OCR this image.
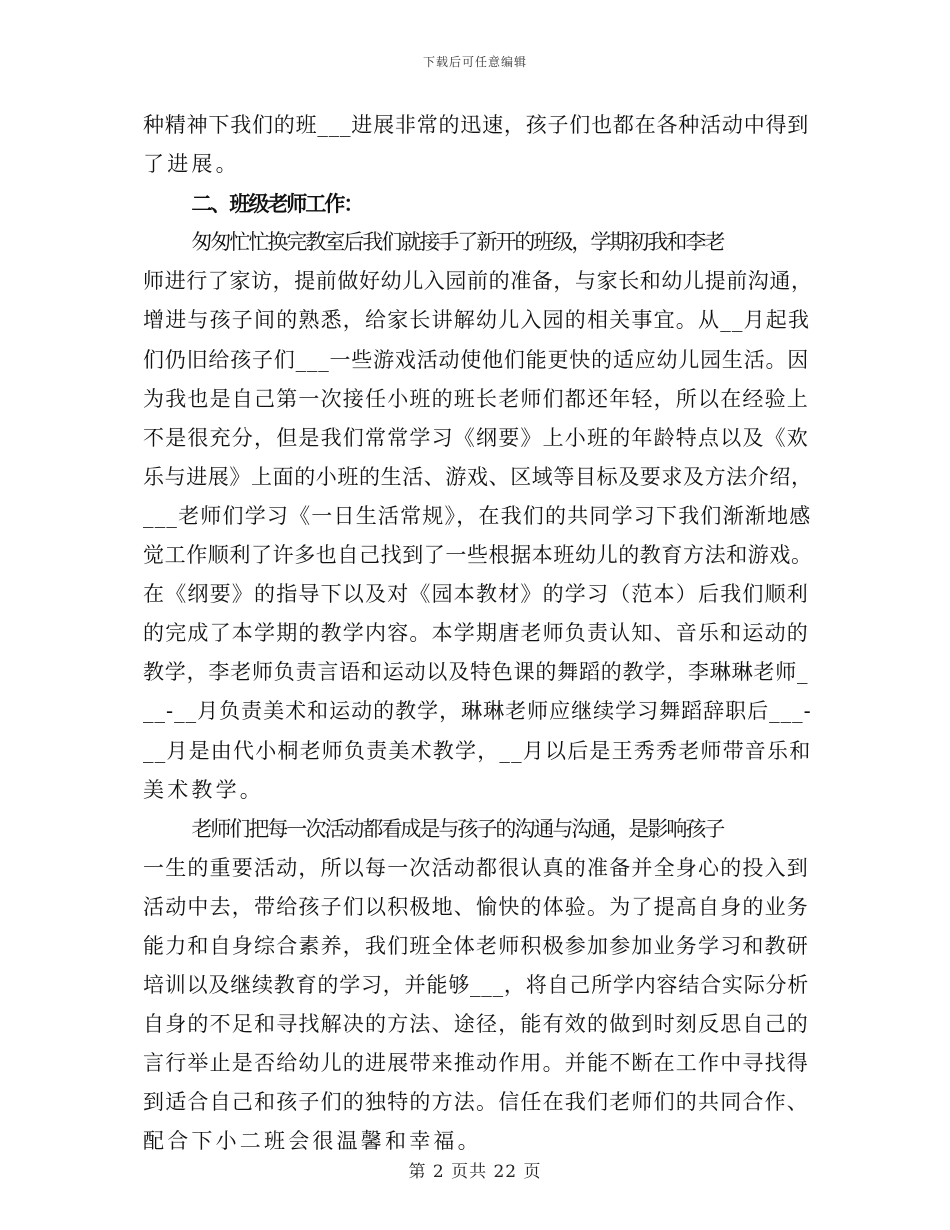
下载后可任意编辑
种精神下我们的班___进展非常的迅速，孩子们也都在各种活动中得到
了进展。
二、班级老师工作：
匆匆忙忙换完教室后我们就接手了新开的班级，学期初我和李老
师进行了家访，提前做好幼儿入园前的准备，与家长和幼儿提前沟通，
增进与孩子间的熟悉，给家长讲解幼儿入园的相关事宜。从__月起我
们仍旧给孩子们___一些游戏活动使他们能更快的适应幼儿园生活。因
为我也是自己第一次接任小班的班长老师们都还年轻，所以在经验上
不是很充分，但是我们常常学习《纲要》上小班的年龄特点以及《欢
乐与进展》上面的小班的生活、游戏、区域等目标及要求及方法介绍，
___老师们学习《一日生活常规》，在我们的共同学习下我们渐渐地感
觉工作顺利了许多也自己找到了一些根据本班幼儿的教育方法和游戏。
在《纲要》的指导下以及对《园本教材》的学习（范本）后我们顺利
的完成了本学期的教学内容。本学期唐老师负责认知、音乐和运动的
教学，李老师负责言语和运动以及特色课的舞蹈的教学，李琳琳老师_
__-__月负责美术和运动的教学，琳琳老师应继续学习舞蹈辞职后___-
__月是由代小桐老师负责美术教学，__月以后是王秀秀老师带音乐和
美术教学。
老师们把每一次活动都看成是与孩子的沟通与沟通，是影响孩子
一生的重要活动，所以每一次活动都很认真的准备并全身心的投入到
活动中去，带给孩子们以积极地、愉快的体验。为了提高自身的业务
能力和自身综合素养，我们班全体老师积极参加参加业务学习和教研
培训以及继续教育的学习，并能够___，将自己所学内容结合实际分析
自身的不足和寻找解决的方法、途径，能有效的做到时刻反思自己的
言行举止是否给幼儿的进展带来推动作用。并能不断在工作中寻找得
到适合自己和孩子们的独特的方法。信任在我们老师们的共同合作、
配合下小二班会很温馨和幸福。
第 2 页共 22 页
